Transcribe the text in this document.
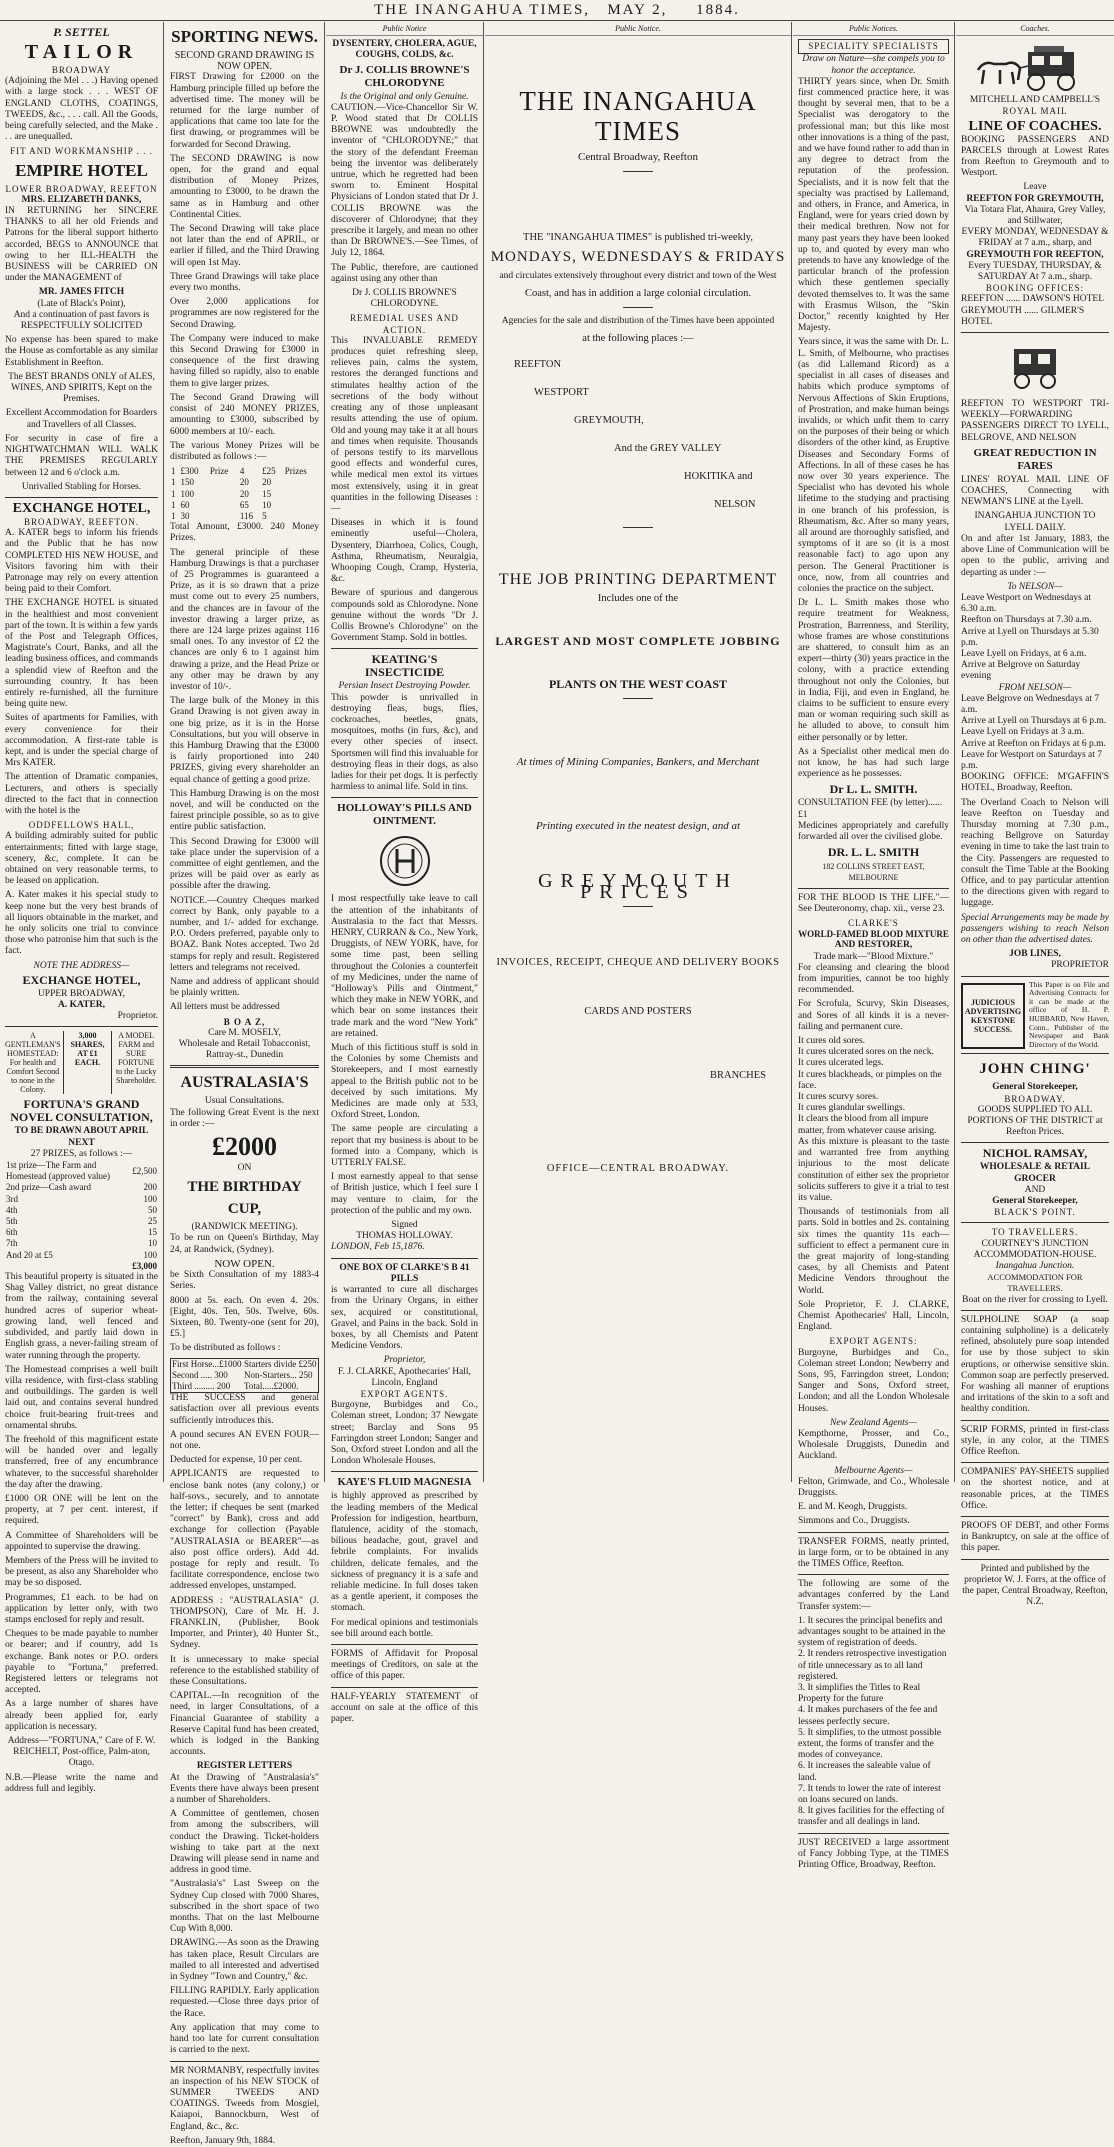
THE INANGAHUA TIMES, MAY 2, 1884.
P. SETTEL
TAILOR
BROADWAY

(Adjoining the Mel . . .) Having opened with a large stock . . . WEST OF ENGLAND CLOTHS, COATINGS, TWEEDS, &c., . . . call. All the Goods, being carefully selected, and the Make . . . are unequalled.

FIT AND WORKMANSHIP . . .
EMPIRE HOTEL
LOWER BROADWAY, REEFTON
MRS. ELIZABETH DANKS,

IN RETURNING her SINCERE THANKS to all her old Friends and Patrons for the liberal support hitherto accorded, BEGS to ANNOUNCE that owing to her ILL-HEALTH the BUSINESS will be CARRIED ON under the MANAGEMENT of

MR. JAMES FITCH
(Late of Black's Point),

And a continuation of past favors is RESPECTFULLY SOLICITED

No expense has been spared to make the House as comfortable as any similar Establishment in Reefton.

The BEST BRANDS ONLY of ALES, WINES, AND SPIRITS, Kept on the Premises.

Excellent Accommodation for Boarders and Travellers of all Classes.

For security in case of fire a NIGHTWATCHMAN WILL WALK THE PREMISES REGULARLY between 12 and 6 o'clock a.m.

Unrivalled Stabling for Horses.

EXCHANGE HOTEL,
BROADWAY, REEFTON.

A. KATER begs to inform his friends and the Public that he has now COMPLETED HIS NEW HOUSE, and Visitors favoring him with their Patronage may rely on every attention being paid to their Comfort.

THE EXCHANGE HOTEL is situated in the healthiest and most convenient part of the town. It is within a few yards of the Post and Telegraph Offices, Magistrate's Court, Banks, and all the leading business offices, and commands a splendid view of Reefton and the surrounding country. It has been entirely re-furnished, all the furniture being quite new.

Suites of apartments for Families, with every convenience for their accommodation. A first-rate table is kept, and is under the special charge of Mrs KATER.

The attention of Dramatic companies, Lecturers, and others is specially directed to the fact that in connection with the hotel is the

ODDFELLOWS HALL,

A building admirably suited for public entertainments; fitted with large stage, scenery, &c, complete. It can be obtained on very reasonable terms, to be leased on application.

A. Kater makes it his special study to keep none but the very best brands of all liquors obtainable in the market, and he only solicits one trial to convince those who patronise him that such is the fact.

NOTE THE ADDRESS—
EXCHANGE HOTEL,
UPPER BROADWAY,
A. KATER,
Proprietor.
A GENTLEMAN'S HOMESTEAD: For health and Comfort Second to none in the Colony.
3,000 SHARES, AT £1 EACH.
A MODEL FARM and SURE FORTUNE to the Lucky Shareholder.
FORTUNA'S GRAND NOVEL CONSULTATION,
TO BE DRAWN ABOUT APRIL NEXT
27 PRIZES, as follows :—
1st prize—The Farm and Homestead (approved value)	£2,500
2nd prize—Cash award	200
3rd	100
4th	50
5th	25
6th	15
7th	10
And 20 at £5	100
	£3,000

This beautiful property is situated in the Shag Valley district, no great distance from the railway, containing several hundred acres of superior wheat-growing land, well fenced and subdivided, and partly laid down in English grass, a never-failing stream of water running through the property.

The Homestead comprises a well built villa residence, with first-class stabling and outbuildings. The garden is well laid out, and contains several hundred choice fruit-bearing fruit-trees and ornamental shrubs.

The freehold of this magnificent estate will be handed over and legally transferred, free of any encumbrance whatever, to the successful shareholder the day after the drawing.

£1000 OR ONE will be lent on the property, at 7 per cent. interest, if required.

A Committee of Shareholders will be appointed to supervise the drawing.

Members of the Press will be invited to be present, as also any Shareholder who may be so disposed.

Programmes, £1 each. to be had on application by letter only, with two stamps enclosed for reply and result.

Cheques to be made payable to number or bearer; and if country, add 1s exchange. Bank notes or P.O. orders payable to "Fortuna," preferred. Registered letters or telegrams not accepted.

As a large number of shares have already been applied for, early application is necessary.

Address—"FORTUNA," Care of F. W. REICHELT, Post-office, Palm-aton, Otago.

N.B.—Please write the name and address full and legibly.

SPORTING NEWS.
SECOND GRAND DRAWING IS
NOW OPEN.

FIRST Drawing for £2000 on the Hamburg principle filled up before the advertised time. The money will be returned for the large number of applications that came too late for the first drawing, or programmes will be forwarded for Second Drawing.

The SECOND DRAWING is now open, for the grand and equal distribution of Money Prizes, amounting to £3000, to be drawn the same as in Hamburg and other Continental Cities.

The Second Drawing will take place not later than the end of APRIL, or earlier if filled, and the Third Drawing will open 1st May.

Three Grand Drawings will take place every two months.

Over 2,000 applications for programmes are now registered for the Second Drawing.

The Company were induced to make this Second Drawing for £3000 in consequence of the first drawing having filled so rapidly, also to enable them to give larger prizes.

The Second Grand Drawing will consist of 240 MONEY PRIZES, amounting to £3000, subscribed by 6000 members at 10/- each.

The various Money Prizes will be distributed as follows :—

1	£300	Prize	4	£25	Prizes
1	150		20	20	
1	100		20	15	
1	60		65	10	
1	30		116	5	

Total Amount, £3000. 240 Money Prizes.

The general principle of these Hamburg Drawings is that a purchaser of 25 Programmes is guaranteed a Prize, as it is so drawn that a prize must come out to every 25 numbers, and the chances are in favour of the investor drawing a larger prize, as there are 124 large prizes against 116 small ones. To any investor of £2 the chances are only 6 to 1 against him drawing a prize, and the Head Prize or any other may be drawn by any investor of 10/-.

The large bulk of the Money in this Grand Drawing is not given away in one big prize, as it is in the Horse Consultations, but you will observe in this Hamburg Drawing that the £3000 is fairly proportioned into 240 PRIZES, giving every shareholder an equal chance of getting a good prize.

This Hamburg Drawing is on the most novel, and will be conducted on the fairest principle possible, so as to give entire public satisfaction.

This Second Drawing for £3000 will take place under the supervision of a committee of eight gentlemen, and the prizes will be paid over as early as possible after the drawing.

NOTICE.—Country Cheques marked correct by Bank, only payable to a number, and 1/- added for exchange. P.O. Orders preferred, payable only to BOAZ. Bank Notes accepted. Two 2d stamps for reply and result. Registered letters and telegrams not received.

Name and address of applicant should be plainly written.

All letters must be addressed

B O A Z,
Care M. MOSELY,
Wholesale and Retail Tobacconist,
Rattray-st., Dunedin
AUSTRALASIA'S
Usual Consultations.

The following Great Event is the next in order :—

£2000
ON
THE BIRTHDAY CUP,
(RANDWICK MEETING).

To be run on Queen's Birthday, May 24, at Randwick, (Sydney).

NOW OPEN.

be Sixth Consultation of my 1883-4 Series.

8000 at 5s. each. On even 4. 20s. [Eight, 40s. Ten, 50s. Twelve, 60s. Sixteen, 80. Twenty-one (sent for 20), £5.]

To be distributed as follows :

First Horse...£1000	Starters divide £250
Second ..... 300	Non-Starters... 250
Third ......... 200	Total.....£2000.

THE SUCCESS and general satisfaction over all previous events sufficiently introduces this.

A pound secures AN EVEN FOUR—not one.

Deducted for expense, 10 per cent.

APPLICANTS are requested to enclose bank notes (any colony,) or half-sovs., securely, and to annotate the letter; if cheques be sent (marked "correct" by Bank), cross and add exchange for collection (Payable "AUSTRALASIA or BEARER"—as also post office orders). Add 4d. postage for reply and result. To facilitate correspondence, enclose two addressed envelopes, unstamped.

ADDRESS : "AUSTRALASIA" (J. THOMPSON), Care of Mr. H. J. FRANKLIN, (Publisher, Book Importer, and Printer), 40 Hunter St., Sydney.

It is unnecessary to make special reference to the established stability of these Consultations.

CAPITAL.—In recognition of the need, in larger Consultations, of a Financial Guarantee of stability a Reserve Capital fund has been created, which is lodged in the Banking accounts.

REGISTER LETTERS

At the Drawing of "Australasia's" Events there have always been present a number of Shareholders.

A Committee of gentlemen, chosen from among the subscribers, will conduct the Drawing. Ticket-holders wishing to take part at the next Drawing will please send in name and address in good time.

"Australasia's" Last Sweep on the Sydney Cup closed with 7000 Shares, subscribed in the short space of two months. That on the last Melbourne Cup With 8,000.

DRAWING.—As soon as the Drawing has taken place, Result Circulars are mailed to all interested and advertised in Sydney "Town and Country," &c.

FILLING RAPIDLY. Early application requested.—Close three days prior of the Race.

Any application that may come to hand too late for current consultation is carried to the next.

MR NORMANBY, respectfully invites an inspection of his NEW STOCK of SUMMER TWEEDS AND COATINGS. Tweeds from Mosgiel, Kaiapoi, Bannockburn, West of England, &c., &c.

Reefton, January 9th, 1884.

Public Notice
DYSENTERY, CHOLERA, AGUE, COUGHS, COLDS, &c.
Dr J. COLLIS BROWNE'S CHLORODYNE
Is the Original and only Genuine.

CAUTION.—Vice-Chancellor Sir W. P. Wood stated that Dr COLLIS BROWNE was undoubtedly the inventor of "CHLORODYNE;" that the story of the defendant Freeman being the inventor was deliberately untrue, which he regretted had been sworn to. Eminent Hospital Physicians of London stated that Dr J. COLLIS BROWNE was the discoverer of Chlorodyne; that they prescribe it largely, and mean no other than Dr BROWNE'S.—See Times, of July 12, 1864.

The Public, therefore, are cautioned against using any other than

Dr J. COLLIS BROWNE'S CHLORODYNE.

REMEDIAL USES AND ACTION.

This INVALUABLE REMEDY produces quiet refreshing sleep, relieves pain, calms the system, restores the deranged functions and stimulates healthy action of the secretions of the body without creating any of those unpleasant results attending the use of opium. Old and young may take it at all hours and times when requisite. Thousands of persons testify to its marvellous good effects and wonderful cures, while medical men extol its virtues most extensively, using it in great quantities in the following Diseases :—

Diseases in which it is found eminently useful—Cholera, Dysentery, Diarrhoea, Colics, Cough, Asthma, Rheumatism, Neuralgia, Whooping Cough, Cramp, Hysteria, &c.

Beware of spurious and dangerous compounds sold as Chlorodyne. None genuine without the words "Dr J. Collis Browne's Chlorodyne" on the Government Stamp. Sold in bottles.

KEATING'S INSECTICIDE
Persian Insect Destroying Powder.

This powder is unrivalled in destroying fleas, bugs, flies, cockroaches, beetles, gnats, mosquitoes, moths (in furs, &c), and every other species of insect. Sportsmen will find this invaluable for destroying fleas in their dogs, as also ladies for their pet dogs. It is perfectly harmless to animal life. Sold in tins.

HOLLOWAY'S PILLS AND OINTMENT.

I most respectfully take leave to call the attention of the inhabitants of Australasia to the fact that Messrs. HENRY, CURRAN & Co., New York, Druggists, of NEW YORK, have, for some time past, been selling throughout the Colonies a counterfeit of my Medicines, under the name of "Holloway's Pills and Ointment," which they make in NEW YORK, and which bear on some instances their trade mark and the word "New York" are retained.

Much of this fictitious stuff is sold in the Colonies by some Chemists and Storekeepers, and I most earnestly appeal to the British public not to be deceived by such imitations. My Medicines are made only at 533, Oxford Street, London.

The same people are circulating a report that my business is about to be formed into a Company, which is UTTERLY FALSE.

I most earnestly appeal to that sense of British justice, which I feel sure I may venture to claim, for the protection of the public and my own.

Signed
THOMAS HOLLOWAY.
LONDON, Feb 15,1876.
ONE BOX OF CLARKE'S B 41 PILLS

is warranted to cure all discharges from the Urinary Organs, in either sex, acquired or constitutional, Gravel, and Pains in the back. Sold in boxes, by all Chemists and Patent Medicine Vendors.

Proprietor,
F. J. CLARKE, Apothecaries' Hall, Lincoln, England
EXPORT AGENTS.

Burgoyne, Burbidges and Co., Coleman street, London; 37 Newgate street; Barclay and Sons 95 Farringdon street London; Sanger and Son, Oxford street London and all the London Wholesale Houses.

KAYE'S FLUID MAGNESIA

is highly approved as prescribed by the leading members of the Medical Profession for indigestion, heartburn, flatulence, acidity of the stomach, bilious headache, gout, gravel and febrile complaints. For invalids children, delicate females, and the sickness of pregnancy it is a safe and reliable medicine. In full doses taken as a gentle aperient, it composes the stomach.

For medical opinions and testimonials see bill around each bottle.

FORMS of Affidavit for Proposal meetings of Creditors, on sale at the office of this paper.

HALF-YEARLY STATEMENT of account on sale at the office of this paper.

Public Notice.
THE INANGAHUA TIMES
Central Broadway, Reefton
THE "INANGAHUA TIMES" is published tri-weekly,
MONDAYS, WEDNESDAYS & FRIDAYS
and circulates extensively throughout every district and town of the West
Coast, and has in addition a large colonial circulation.
Agencies for the sale and distribution of the Times have been appointed
at the following places :—
REEFTON
WESTPORT
GREYMOUTH,
And the GREY VALLEY
HOKITIKA and
NELSON
THE JOB PRINTING DEPARTMENT
Includes one of the
LARGEST AND MOST COMPLETE JOBBING
PLANTS ON THE WEST COAST
At times of Mining Companies, Bankers, and Merchant
Printing executed in the neatest design, and at
GREYMOUTH PRICES
INVOICES, RECEIPT, CHEQUE AND DELIVERY BOOKS
CARDS AND POSTERS
BRANCHES
OFFICE—CENTRAL BROADWAY.
Public Notices.
SPECIALITY SPECIALISTS
Draw on Nature—she compels you to honor the acceptance.

THIRTY years since, when Dr. Smith first commenced practice here, it was thought by several men, that to be a Specialist was derogatory to the professional man; but this like most other innovations is a thing of the past, and we have found rather to add than in any degree to detract from the reputation of the profession. Specialists, and it is now felt that the specialty was practised by Lallemand, and others, in France, and America, in England, were for years cried down by their medical brethren. Now not for many past years they have been looked up to, and quoted by every man who pretends to have any knowledge of the particular branch of the profession which these gentlemen specially devoted themselves to. It was the same with Erasmus Wilson, the "Skin Doctor," recently knighted by Her Majesty.

Years since, it was the same with Dr. L. L. Smith, of Melbourne, who practises (as did Lallemand Ricord) as a specialist in all cases of diseases and habits which produce symptoms of Nervous Affections of Skin Eruptions, of Prostration, and make human beings invalids, or which unfit them to carry on the purposes of their being or which disorders of the other kind, as Eruptive Diseases and Secondary Forms of Affections. In all of these cases he has now over 30 years experience. The Specialist who has devoted his whole lifetime to the studying and practising in one branch of his profession, is Rheumatism, &c. After so many years, all around are thoroughly satisfied, and symptoms of it are so (it is a most reasonable fact) to ago upon any person. The General Practitioner is once, now, from all countries and colonies the practice on the subject.

Dr L. L. Smith makes those who require treatment for Weakness, Prostration, Barrenness, and Sterility, whose frames are whose constitutions are shattered, to consult him as an expert—thirty (30) years practice in the colony, with a practice extending throughout not only the Colonies, but in India, Fiji, and even in England, he claims to be sufficient to ensure every man or woman requiring such skill as he alluded to above, to consult him either personally or by letter.

As a Specialist other medical men do not know, he has had such large experience as he possesses.

Dr L. L. SMITH.
CONSULTATION FEE (by letter)......£1

Medicines appropriately and carefully forwarded all over the civilised globe.

DR. L. L. SMITH
182 COLLINS STREET EAST, MELBOURNE

FOR THE BLOOD IS THE LIFE."—See Deuteronomy, chap. xii., verse 23.

CLARKE'S
WORLD-FAMED BLOOD MIXTURE
AND RESTORER,
Trade mark—"Blood Mixture."

For cleansing and clearing the blood from impurities, cannot be too highly recommended.

For Scrofula, Scurvy, Skin Diseases, and Sores of all kinds it is a never-failing and permanent cure.

It cures old sores.
It cures ulcerated sores on the neck.
It cures ulcerated legs.
It cures blackheads, or pimples on the face.
It cures scurvy sores.
It cures glandular swellings.
It clears the blood from all impure matter, from whatever cause arising.

As this mixture is pleasant to the taste and warranted free from anything injurious to the most delicate constitution of either sex the proprietor solicits sufferers to give it a trial to test its value.

Thousands of testimonials from all parts. Sold in bottles and 2s. containing six times the quantity 11s each—sufficient to effect a permanent cure in the great majority of long-standing cases, by all Chemists and Patent Medicine Vendors throughout the World.

Sole Proprietor, F. J. CLARKE, Chemist Apothecaries' Hall, Lincoln, England.

EXPORT AGENTS:

Burgoyne, Burbidges and Co., Coleman street London; Newberry and Sons, 95, Farringdon street, London; Sanger and Sons, Oxford street, London; and all the London Wholesale Houses.

New Zealand Agents—

Kempthorne, Prosser, and Co., Wholesale Druggists, Dunedin and Auckland.

Melbourne Agents—

Felton, Grimwade, and Co., Wholesale Druggists.

E. and M. Keogh, Druggists.

Simmons and Co., Druggists.

TRANSFER FORMS, neatly printed, in large form, or to be obtained in any the TIMES Office, Reefton.

The following are some of the advantages conferred by the Land Transfer system:—

1. It secures the principal benefits and advantages sought to be attained in the system of registration of deeds.
2. It renders retrospective investigation of title unnecessary as to all land registered.
3. It simplifies the Titles to Real Property for the future
4. It makes purchasers of the fee and lessees perfectly secure.
5. It simplifies, to the utmost possible extent, the forms of transfer and the modes of conveyance.
6. It increases the saleable value of land.
7. It tends to lower the rate of interest on loans secured on lands.
8. It gives facilities for the effecting of transfer and all dealings in land.

JUST RECEIVED a large assortment of Fancy Jobbing Type, at the TIMES Printing Office, Broadway, Reefton.

Coaches.
MITCHELL AND CAMPBELL'S
ROYAL MAIL
LINE OF COACHES.

BOOKING PASSENGERS AND PARCELS through at Lowest Rates from Reefton to Greymouth and to Westport.

Leave
REEFTON FOR GREYMOUTH,
Via Totara Flat, Ahaura, Grey Valley, and Stillwater,
EVERY MONDAY, WEDNESDAY & FRIDAY at 7 a.m., sharp, and
GREYMOUTH FOR REEFTON,
Every TUESDAY, THURSDAY, & SATURDAY At 7 a.m., sharp.
BOOKING OFFICES:
REEFTON ...... DAWSON'S HOTEL
GREYMOUTH ...... GILMER'S HOTEL

REEFTON TO WESTPORT TRI-WEEKLY—FORWARDING PASSENGERS DIRECT TO LYELL, BELGROVE, AND NELSON

GREAT REDUCTION IN FARES

LINES' ROYAL MAIL LINE OF COACHES, Connecting with NEWMAN'S LINE at the Lyell.

INANGAHUA JUNCTION TO LYELL DAILY.

On and after 1st January, 1883, the above Line of Communication will be open to the public, arriving and departing as under :—

To NELSON—
Leave Westport on Wednesdays at 6.30 a.m.
Reefton on Thursdays at 7.30 a.m.
Arrive at Lyell on Thursdays at 5.30 p.m.
Leave Lyell on Fridays, at 6 a.m.
Arrive at Belgrove on Saturday evening
FROM NELSON—
Leave Belgrove on Wednesdays at 7 a.m.
Arrive at Lyell on Thursdays at 6 p.m.
Leave Lyell on Fridays at 3 a.m.
Arrive at Reefton on Fridays at 6 p.m.
Leave for Westport on Saturdays at 7 p.m.

BOOKING OFFICE: M'GAFFIN'S HOTEL, Broadway, Reefton.

The Overland Coach to Nelson will leave Reefton on Tuesday and Thursday morning at 7.30 p.m., reaching Bellgrove on Saturday evening in time to take the last train to the City. Passengers are requested to consult the Time Table at the Booking Office, and to pay particular attention to the directions given with regard to luggage.

Special Arrangements may be made by passengers wishing to reach Nelson on other than the advertised dates.

JOB LINES,
PROPRIETOR
JUDICIOUS
ADVERTISING
KEYSTONE
SUCCESS.

This Paper is on File and Advertising Contracts for it can be made at the office of H. P. HUBBARD, New Haven, Conn., Publisher of the Newspaper and Bank Directory of the World.

JOHN CHING'
General Storekeeper,
BROADWAY.

GOODS SUPPLIED TO ALL PORTIONS OF THE DISTRICT at Reefton Prices.

NICHOL RAMSAY,
WHOLESALE & RETAIL GROCER
AND
General Storekeeper,
BLACK'S POINT.
TO TRAVELLERS.
COURTNEY'S JUNCTION ACCOMMODATION-HOUSE.
Inangahua Junction.
ACCOMMODATION FOR TRAVELLERS.
Boat on the river for crossing to Lyell.

SULPHOLINE SOAP (a soap containing sulpholine) is a delicately refined, absolutely pure soap intended for use by those subject to skin eruptions, or otherwise sensitive skin. Common soap are perfectly preserved. For washing all manner of eruptions and irritations of the skin to a soft and healthy condition.

SCRIP FORMS, printed in first-class style, in any color, at the TIMES Office Reefton.

COMPANIES' PAY-SHEETS supplied on the shortest notice, and at reasonable prices, at the TIMES Office.

PROOFS OF DEBT, and other Forms in Bankruptcy, on sale at the office of this paper.

Printed and published by the proprietor W. J. Forrs, at the office of the paper, Central Broadway, Reefton, N.Z.
